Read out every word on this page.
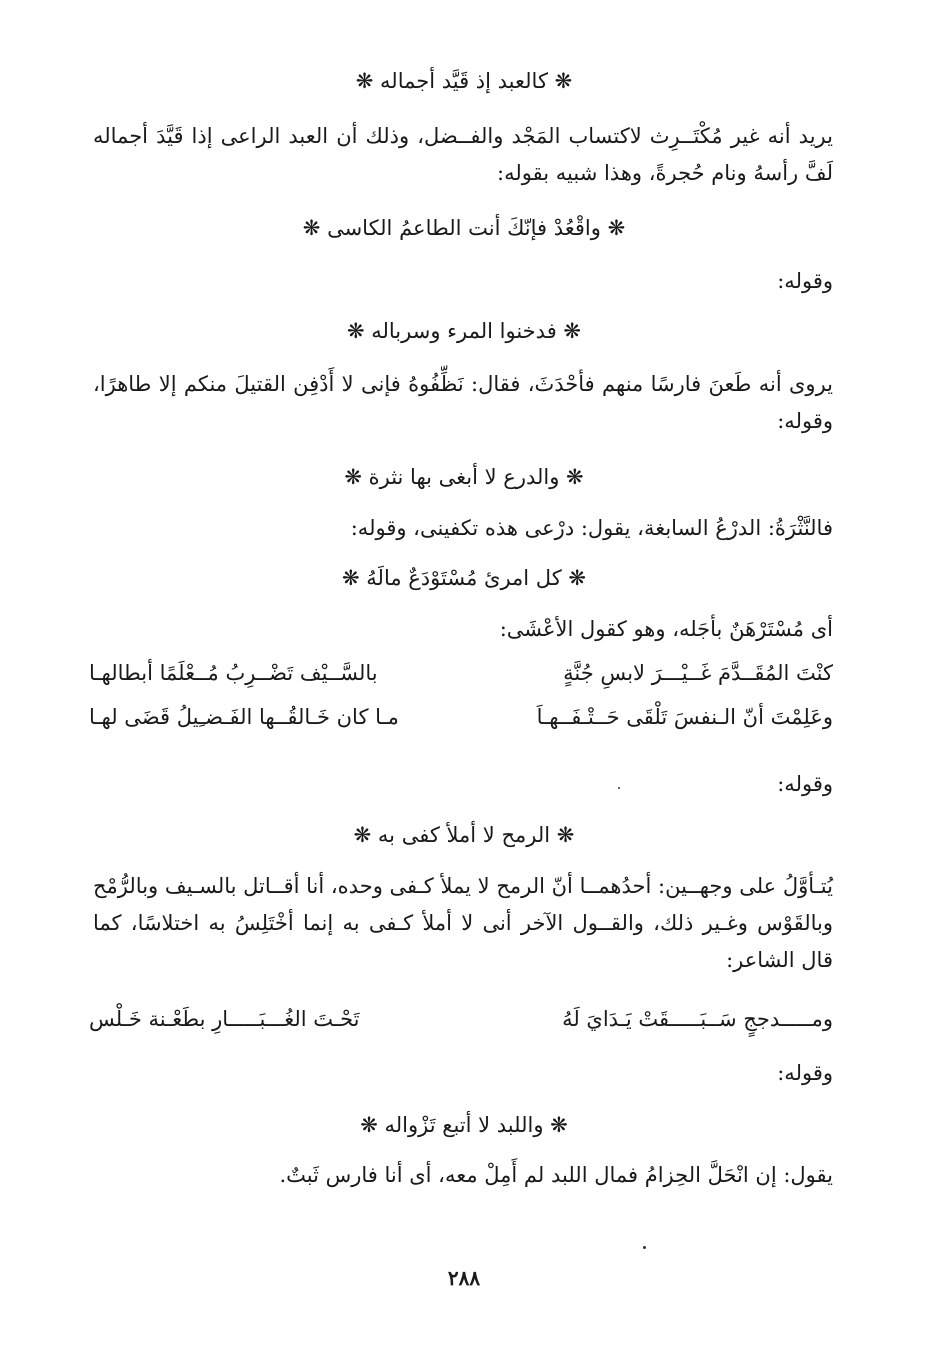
❋ كالعبد إذ قَيَّد أجماله ❋
يريد أنه غير مُكْتَــرِث لاكتساب المَجْد والفــضل، وذلك أن العبد الراعى إذا قَيَّدَ أجماله لَفَّ رأسهُ ونام حُجرةً، وهذا شبيه بقوله:
❋ واقْعُدْ فإنّكَ أنت الطاعمُ الكاسى ❋
وقوله:
❋ فدخنوا المرء وسرباله ❋
يروى أنه طَعنَ فارسًا منهم فأحْدَثَ، فقال: نَظِّفُوهُ فإنى لا أَدْفِن القتيلَ منكم إلا طاهرًا، وقوله:
❋ والدرع لا أبغى بها نثرة ❋
فالنَّثْرَةُ: الدرْعُ السابغة، يقول: درْعى هذه تكفينى، وقوله:
❋ كل امرئ مُسْتَوْدَعٌ مالَهُ ❋
أى مُسْتَرْهَنٌ بأجَله، وهو كقول الأعْشَى:
كنْتَ المُقَــدَّمَ غَــيْـــرَ لابسِ جُنَّةٍ
بالسَّــيْف تَضْــرِبُ مُــعْلَمًا أبطالهـا
وعَلِمْتَ أنّ الـنفسَ تَلْقَى حَــتْـفَــهـاَ
مـا كان خَـالقُــها الفَـضـِيلُ قَضَى لهـا
وقوله:
❋ الرمح لا أملأ كفى به ❋
يُتـأوَّلُ على وجهــين: أحدُهمــا أنّ الرمح لا يملأ كـفى وحده، أنا أقــاتل بالسـيف وبالرُّمْح وبالقَوْس وغـير ذلك، والقــول الآخر أنى لا أملأ كـفى به إنما أخْتَلِسُ به اختلاسًا، كما قال الشاعر:
ومـــــدججٍ سَــبَـــــقَتْ يَـدَايَ لَهُ
تَحْـتَ الغُـــبَـــــارِ بطَعْـنة خَـلْس
وقوله:
❋ واللبد لا أتبع تَزْواله ❋
يقول: إن انْحَلَّ الحِزامُ فمال اللبد لم أَمِلْ معه، أى أنا فارس ثَبتٌ.
٢٨٨
